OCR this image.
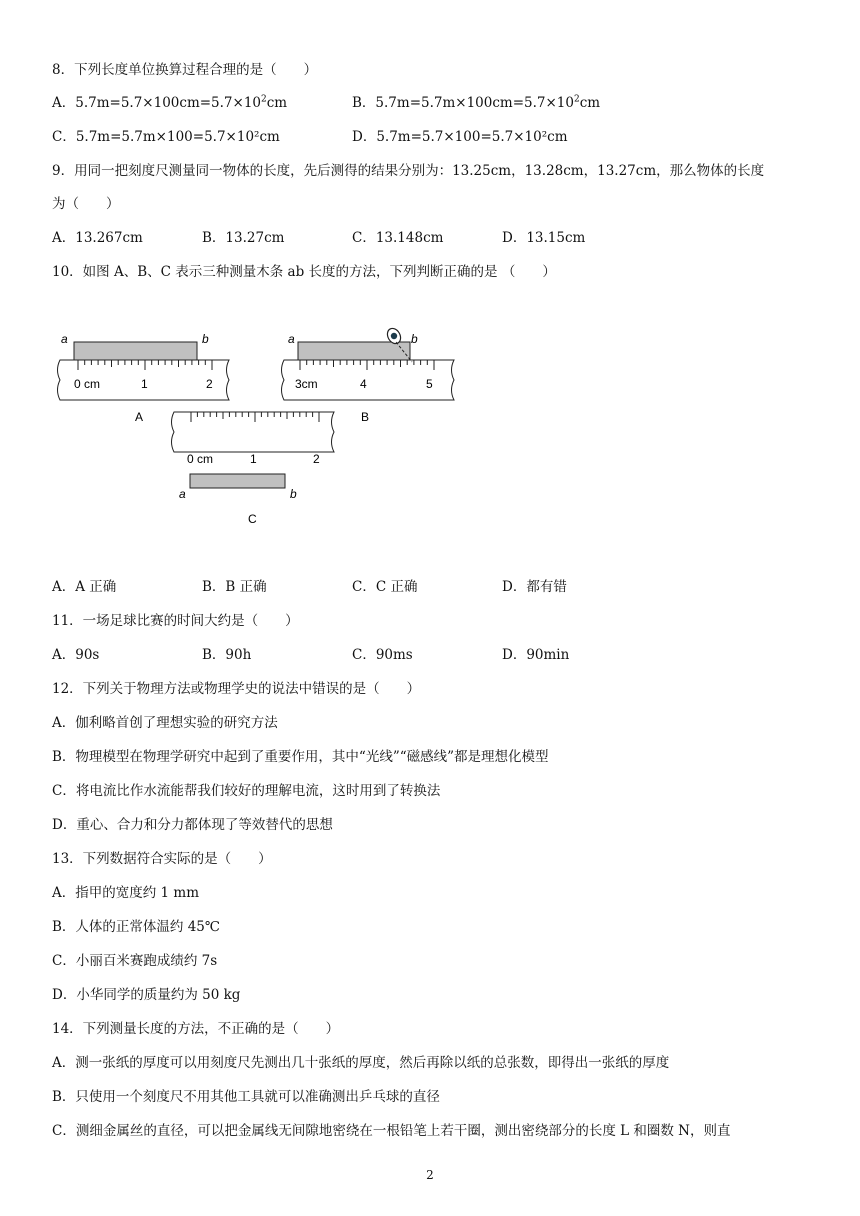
8．下列长度单位换算过程合理的是（　　）
A．$5.7m=5.7\times 100cm=5.7\times 10^2cm$	B．$5.7m=5.7m\times 100cm=5.7\times 10^2cm$
C．5.7m=5.7m×100=5.7×10²cm	D．5.7m=5.7×100=5.7×10²cm
9．用同一把刻度尺测量同一物体的长度，先后测得的结果分别为：13.25cm，13.28cm，13.27cm，那么物体的长度
为（　　）
A．13.267cm	B．13.27cm	C．13.148cm	D．13.15cm
10．如图 A、B、C 表示三种测量木条 ab 长度的方法，下列判断正确的是 （　　）
a	b
0 cm	1	2
A
a	b
3cm	4	5
B
0 cm	1	2
a	b
C
A．A 正确	B．B 正确	C．C 正确	D．都有错
11．一场足球比赛的时间大约是（　　）
A．90s	B．90h	C．90ms	D．90min
12．下列关于物理方法或物理学史的说法中错误的是（　　）
A．伽利略首创了理想实验的研究方法
B．物理模型在物理学研究中起到了重要作用，其中“光线”“磁感线”都是理想化模型
C．将电流比作水流能帮我们较好的理解电流，这时用到了转换法
D．重心、合力和分力都体现了等效替代的思想
13．下列数据符合实际的是（　　）
A．指甲的宽度约 1 mm
B．人体的正常体温约 45℃
C．小丽百米赛跑成绩约 7s
D．小华同学的质量约为 50 kg
14．下列测量长度的方法，不正确的是（　　）
A．测一张纸的厚度可以用刻度尺先测出几十张纸的厚度，然后再除以纸的总张数，即得出一张纸的厚度
B．只使用一个刻度尺不用其他工具就可以准确测出乒乓球的直径
C．测细金属丝的直径，可以把金属线无间隙地密绕在一根铅笔上若干圈，测出密绕部分的长度 L 和圈数 N，则直
2
